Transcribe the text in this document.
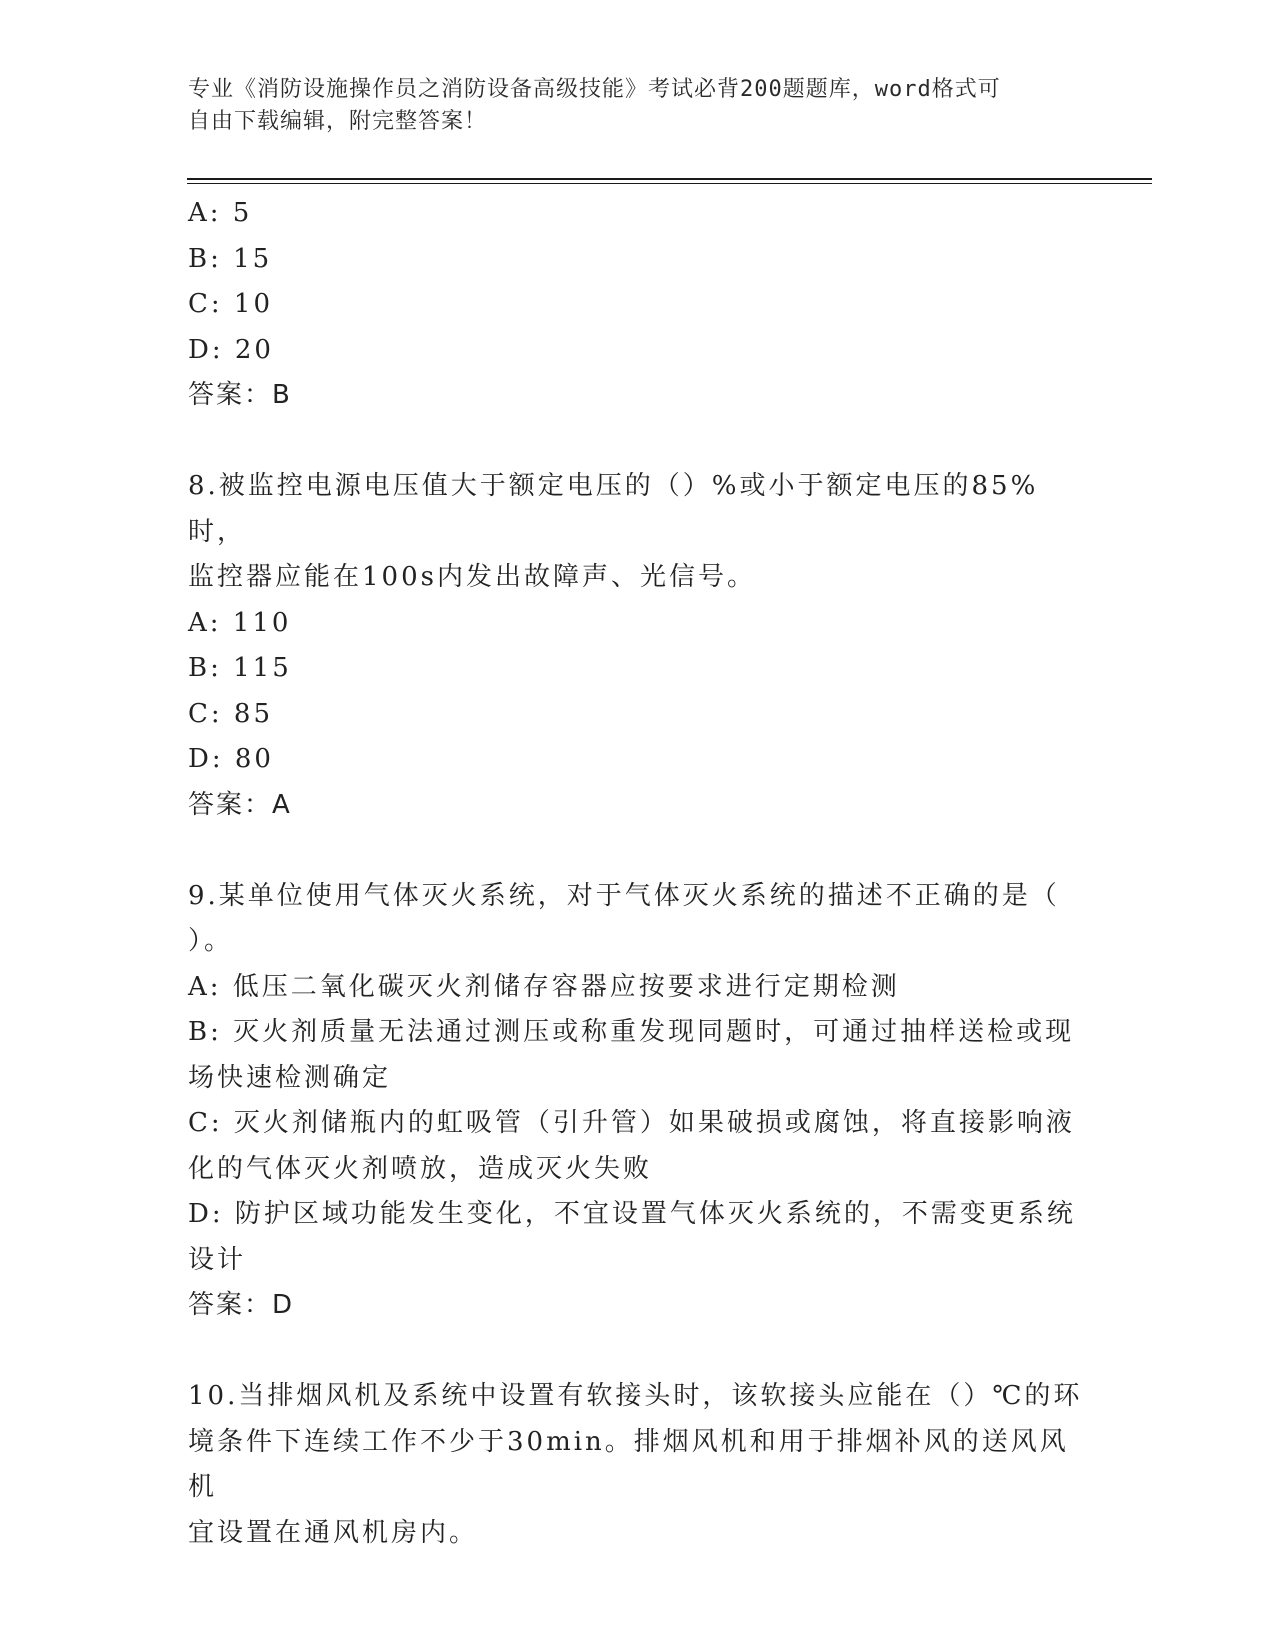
专业《消防设施操作员之消防设备高级技能》考试必背200题题库，word格式可
自由下载编辑，附完整答案！
A: 5
B: 15
C: 10
D: 20
答案：B
8.被监控电源电压值大于额定电压的（）%或小于额定电压的85%时，
监控器应能在100s内发出故障声、光信号。
A: 110
B: 115
C: 85
D: 80
答案：A
9.某单位使用气体灭火系统，对于气体灭火系统的描述不正确的是（
）。
A: 低压二氧化碳灭火剂储存容器应按要求进行定期检测
B: 灭火剂质量无法通过测压或称重发现同题时，可通过抽样送检或现
场快速检测确定
C: 灭火剂储瓶内的虹吸管（引升管）如果破损或腐蚀，将直接影响液
化的气体灭火剂喷放，造成灭火失败
D: 防护区域功能发生变化，不宜设置气体灭火系统的，不需变更系统
设计
答案：D
10.当排烟风机及系统中设置有软接头时，该软接头应能在（）℃的环
境条件下连续工作不少于30min。排烟风机和用于排烟补风的送风风机
宜设置在通风机房内。
